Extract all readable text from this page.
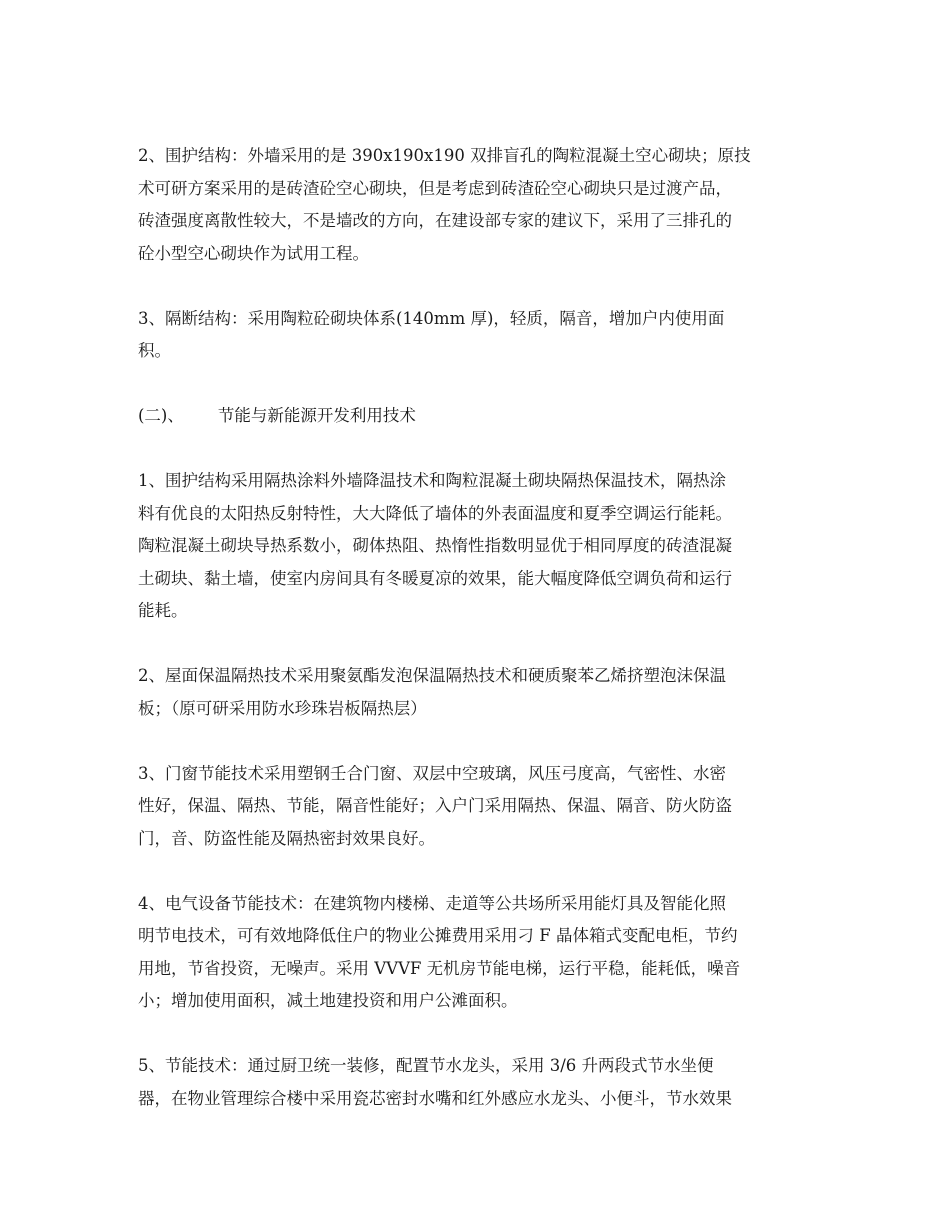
2、围护结构：外墙采用的是 390x190x190 双排盲孔的陶粒混凝土空心砌块；原技
术可研方案采用的是砖渣砼空心砌块，但是考虑到砖渣砼空心砌块只是过渡产品，
砖渣强度离散性较大，不是墙改的方向，在建设部专家的建议下，采用了三排孔的
砼小型空心砌块作为试用工程。

3、隔断结构：采用陶粒砼砌块体系(140mm 厚)，轻质，隔音，增加户内使用面
积。

(二)、 节能与新能源开发利用技术

1、围护结构采用隔热涂料外墙降温技术和陶粒混凝土砌块隔热保温技术，隔热涂
料有优良的太阳热反射特性，大大降低了墙体的外表面温度和夏季空调运行能耗。
陶粒混凝土砌块导热系数小，砌体热阻、热惰性指数明显优于相同厚度的砖渣混凝
土砌块、黏土墙，使室内房间具有冬暖夏凉的效果，能大幅度降低空调负荷和运行
能耗。

2、屋面保温隔热技术采用聚氨酯发泡保温隔热技术和硬质聚苯乙烯挤塑泡沫保温
板；（原可研采用防水珍珠岩板隔热层）

3、门窗节能技术采用塑钢壬合门窗、双层中空玻璃，风压弓度高，气密性、水密
性好，保温、隔热、节能，隔音性能好；入户门采用隔热、保温、隔音、防火防盗
门，音、防盗性能及隔热密封效果良好。

4、电气设备节能技术：在建筑物内楼梯、走道等公共场所采用能灯具及智能化照
明节电技术，可有效地降低住户的物业公摊费用采用刁 F 晶体箱式变配电柜，节约
用地，节省投资，无噪声。采用 VVVF 无机房节能电梯，运行平稳，能耗低，噪音
小；增加使用面积，减土地建投资和用户公滩面积。

5、节能技术：通过厨卫统一装修，配置节水龙头，采用 3/6 升两段式节水坐便
器，在物业管理综合楼中采用瓷芯密封水嘴和红外感应水龙头、小便斗，节水效果
